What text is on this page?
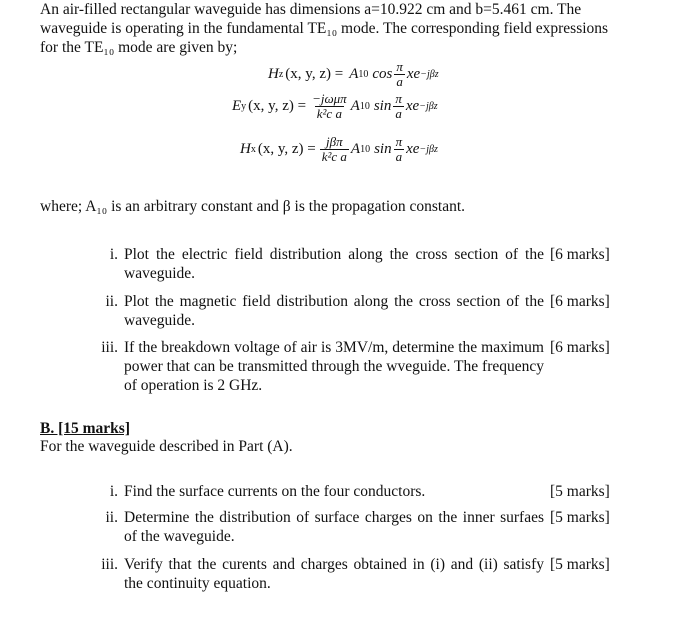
An air-filled rectangular waveguide has dimensions a=10.922 cm and b=5.461 cm. The

waveguide is operating in the fundamental TE₁₀ mode. The corresponding field expressions

for the TE₁₀ mode are given by;

H z (x, y, z) = A 10 $\cos \frac{\pi}{a}$ xe −jβz
E y (x, y, $z) = \frac{\text{−jωμπ}}{\text{k²c a}}$ A 10 $\sin \frac{\pi}{a}$ xe −jβz
H x (x, y, $z) = \frac{\text{jβπ}}{\text{k²c a}}$ A 10 $\sin \frac{\pi}{a}$ xe −jβz
where; A₁₀ is an arbitrary constant and β is the propagation constant.
i. Plot the electric field distribution along the cross section of the waveguide.
[6 marks]
ii. Plot the magnetic field distribution along the cross section of the waveguide.
[6 marks]
iii. If the breakdown voltage of air is 3MV/m, determine the maximum power that can be transmitted through the wveguide. The frequency of operation is 2 GHz.
[6 marks]
B. [15 marks]
For the waveguide described in Part (A).
i. Find the surface currents on the four conductors.	[5 marks]
ii. Determine the distribution of surface charges on the inner surfaes of the waveguide.
[5 marks]
iii. Verify that the curents and charges obtained in (i) and (ii) satisfy the continuity equation.
[5 marks]
